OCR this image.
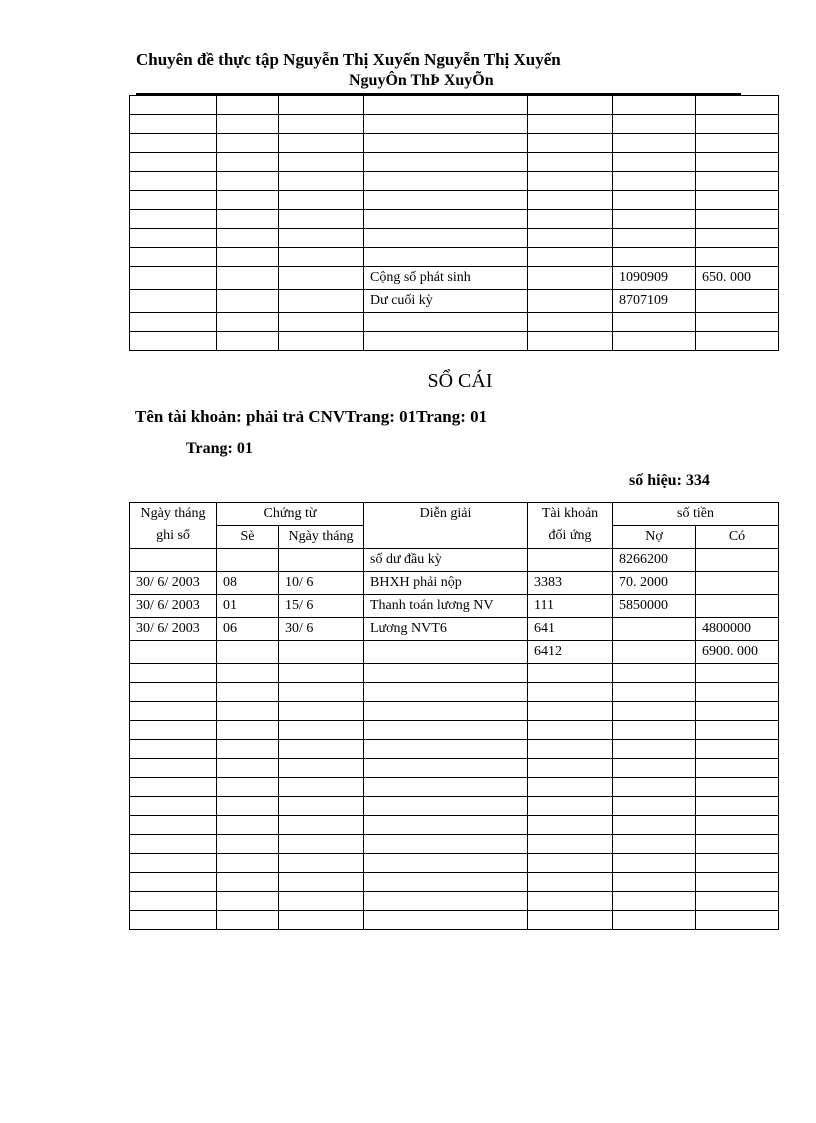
Chuyên đề thực tập Nguyễn Thị Xuyến Nguyễn Thị Xuyến
NguyÔn ThÞ XuyÕn

			Cộng số phát sinh		1090909	650. 000
			Dư cuối kỳ		8707109	

SỔ CÁI
Tên tài khoản: phải trả CNVTrang: 01Trang: 01
Trang: 01
số hiệu: 334
Ngày tháng ghi sổ	Chứng từ		Diễn giải	Tài khoản đối ứng	số tiền	
	Sè	Ngày tháng			Nợ	Có
			số dư đầu kỳ		8266200	
30/ 6/ 2003	08	10/ 6	BHXH phải nộp	3383	70. 2000	
30/ 6/ 2003	01	15/ 6	Thanh toán lương NV	111	5850000	
30/ 6/ 2003	06	30/ 6	Lương NVT6	641		4800000
				6412		6900. 000
